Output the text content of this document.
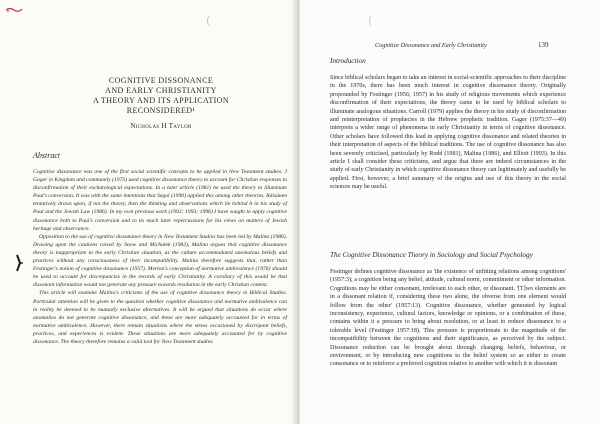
(
COGNITIVE DISSONANCE
AND EARLY CHRISTIANITY
A THEORY AND ITS APPLICATION RECONSIDERED¹
Nicholas H Taylor
Abstract

Cognitive dissonance was one of the first social scientific concepts to be applied in New Testament studies. J Gager in Kingdom and community (1975) used cognitive dissonance theory to account for Christian responses to disconfirmation of their eschatological expectations. In a later article (1981) he used the theory to illuminate Paul's conversion. It was with the same intentions that Segal (1990) applied this among other theories. Räisänen tentatively draws upon, if not the theory, then the thinking and observations which lie behind it in his study of Paul and the Jewish Law (1986). In my own previous work (1992; 1993; 1996) I have sought to apply cognitive dissonance both to Paul's conversion and to its much later repercussions for his views on matters of Jewish heritage and observance.

Opposition to the use of cognitive dissonance theory in New Testament Studies has been led by Malina (1986). Drawing upon the cautions raised by Snow and Michalek (1982), Malina argues that cognitive dissonance theory is inappropriate to the early Christian situation, as the culture accommodated anomalous beliefs and practices without any consciousness of their incompatibility. Malina therefore suggests that, rather than Festinger's notion of cognitive dissonance (1957), Merton's conception of normative ambivalence (1976) should be used to account for discrepancies in the records of early Christianity. A corollary of this would be that dissonant information would not generate any pressure towards resolution in the early Christian context.

This article will examine Malina's criticisms of the use of cognitive dissonance theory in Biblical Studies. Particular attention will be given to the question whether cognitive dissonance and normative ambivalence can in reality be deemed to be mutually exclusive alternatives. It will be argued that situations do occur where anomalies do not generate cognitive dissonance, and these are more adequately accounted for in terms of normative ambivalence. However, there remain situations where the stress occasioned by discrepant beliefs, practices, and experiences is evident. These situations are more adequately accounted for by cognitive dissonance. The theory therefore remains a valid tool for New Testament studies.

(
Cognitive Dissonance and Early Christianity	139
Introduction

Since biblical scholars began to take an interest in social-scientific approaches to their discipline in the 1970s, there has been much interest in cognitive dissonance theory. Originally propounded by Festinger (1956; 1957) in his study of religious movements which experience disconfirmation of their expectations, the theory came to be used by biblical scholars to illuminate analogous situations. Carroll (1979) applies the theory in his study of disconfirmation and reinterpretation of prophecies in the Hebrew prophetic tradition. Gager (1975:37—49) interprets a wider range of phenomena in early Christianity in terms of cognitive dissonance. Other scholars have followed this lead in applying cognitive dissonance and related theories in their interpretation of aspects of the biblical traditions. The use of cognitive dissonance has also been severely criticised, particularly by Rodd (1981), Malina (1986), and Elliott (1993). In this article I shall consider these criticisms, and argue that there are indeed circumstances in the study of early Christianity in which cognitive dissonance theory can legitimately and usefully be applied. First, however, a brief summary of the origins and use of this theory in the social sciences may be useful.

The Cognitive Dissonance Theory in Sociology and Social Psychology

Festinger defines cognitive dissonance as 'the existence of unfitting relations among cognitions' (1957:3); a cognition being any belief, attitude, cultural norm, commitment or other information. Cognitions may be either consonant, irrelevant to each other, or dissonant. '[T]wo elements are in a dissonant relation if, considering these two alone, the obverse from one element would follow from the other' (1957:13). Cognitive dissonance, whether generated by logical inconsistency, experience, cultural factors, knowledge or opinions, or a combination of these, contains within it a pressure to bring about resolution, or at least to reduce dissonance to a tolerable level (Festinger 1957:18). This pressure is proportionate to the magnitude of the incompatibility between the cognitions and their significance, as perceived by the subject. Dissonance reduction can be brought about through changing beliefs, behaviour, or environment, or by introducing new cognitions to the belief system so as either to create consonance or to reinforce a preferred cognition relative to another with which it is dissonant
